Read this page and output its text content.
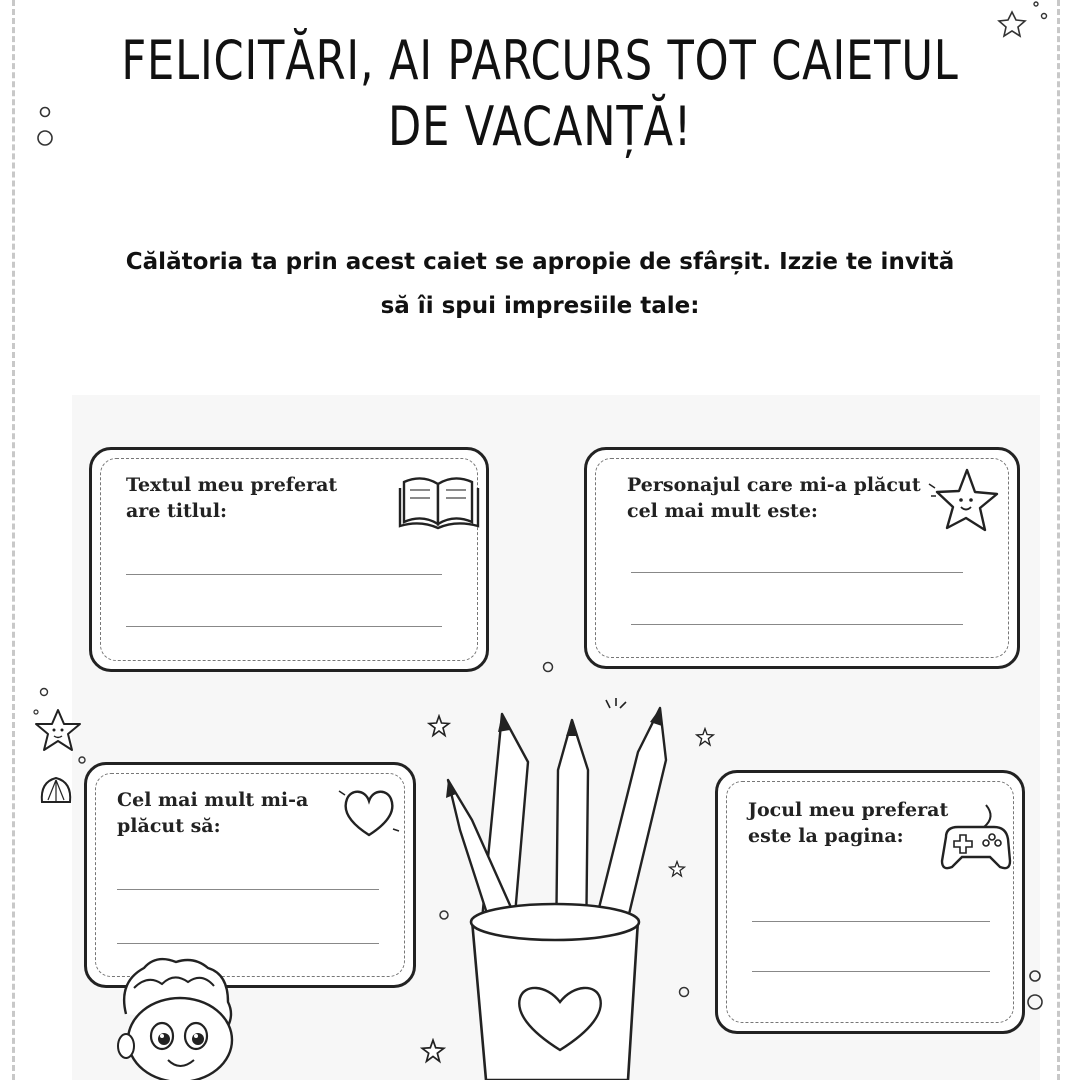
FELICITĂRI, AI PARCURS TOT CAIETUL
DE VACANȚĂ!
Călătoria ta prin acest caiet se apropie de sfârșit. Izzie te invită
să îi spui impresiile tale:
Textul meu preferat
are titlul:
Personajul care mi-a plăcut
cel mai mult este:
Cel mai mult mi-a
plăcut să:
Jocul meu preferat
este la pagina:
